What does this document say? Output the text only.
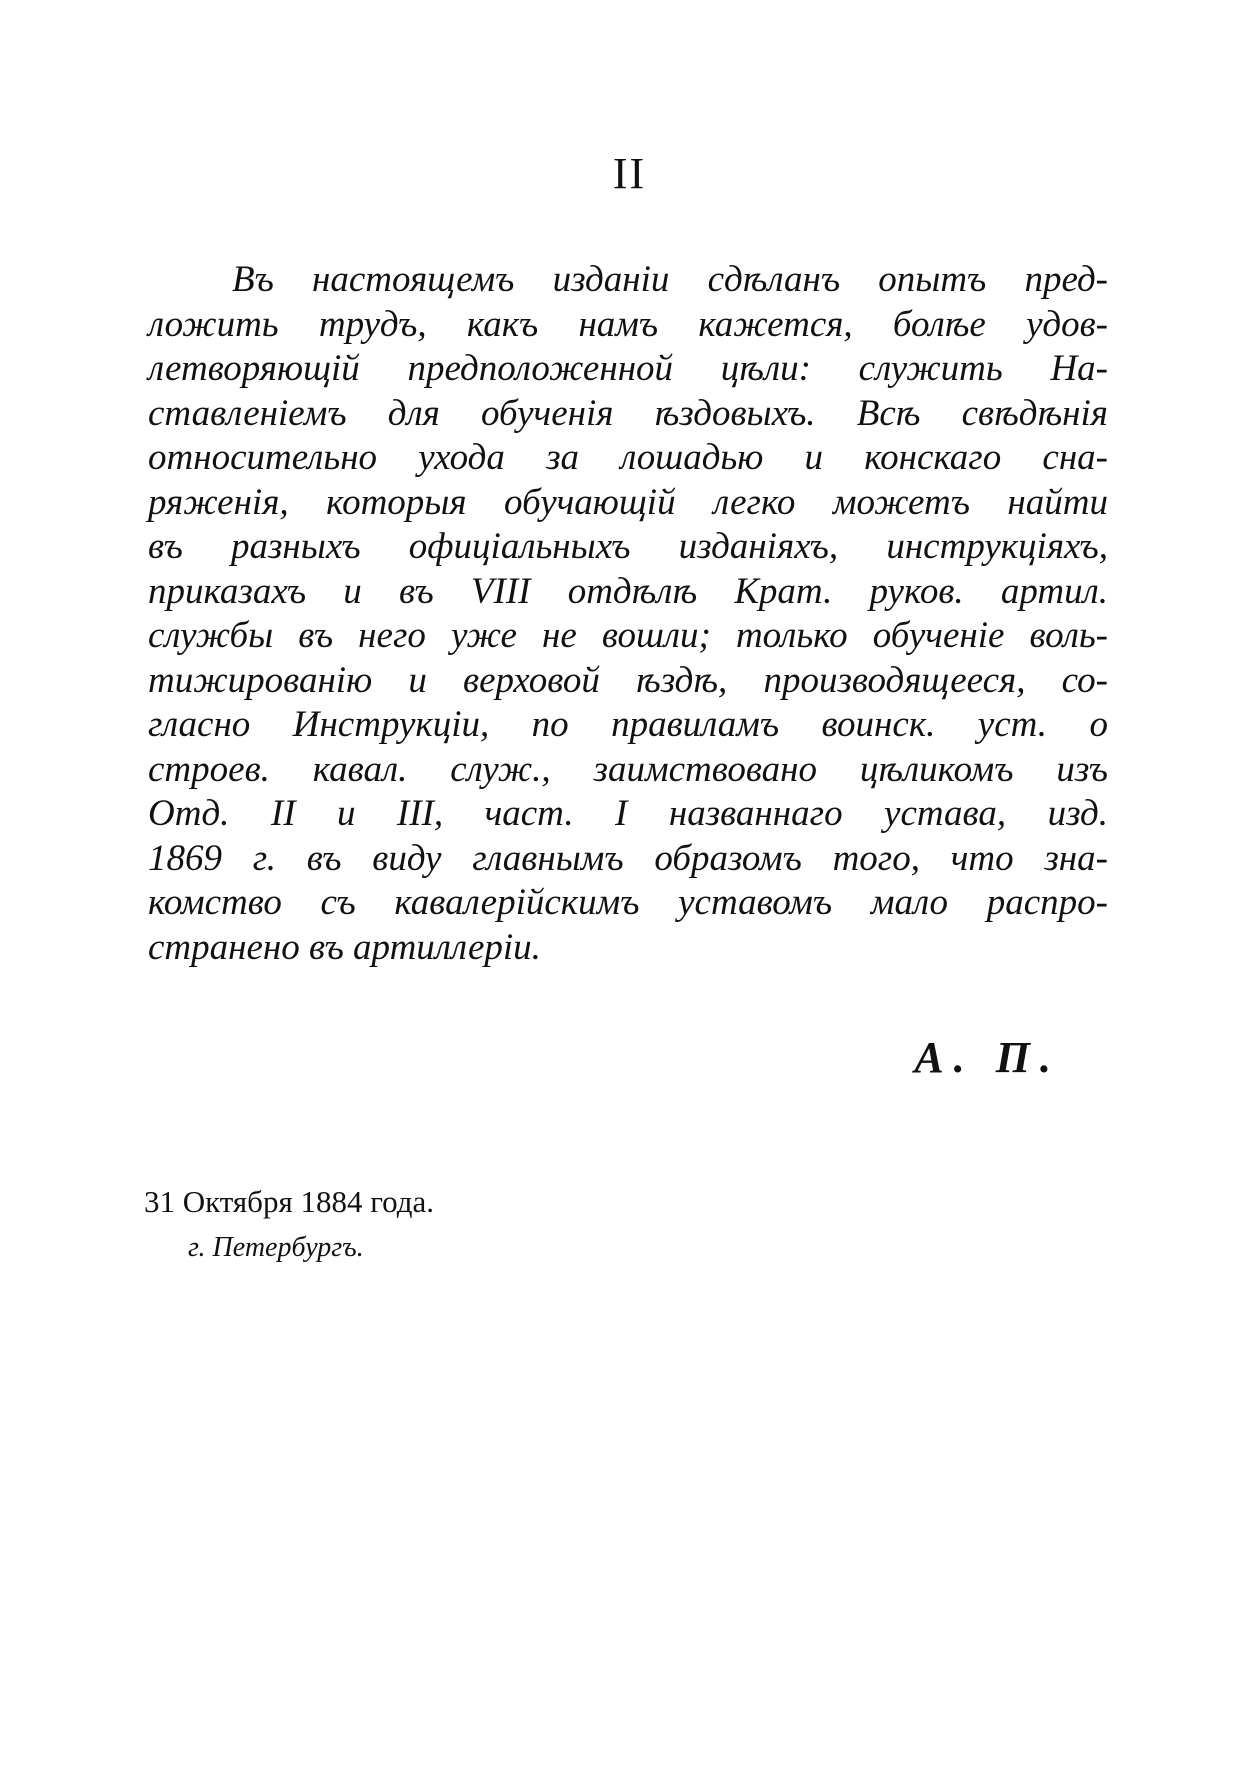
II
Въ настоящемъ изданіи сдѣланъ опытъ пред-
ложить трудъ, какъ намъ кажется, болѣе удов-
летворяющій предположенной цѣли: служить На-
ставленіемъ для обученія ѣздовыхъ. Всѣ свѣдѣнія
относительно ухода за лошадью и конскаго сна-
ряженія, которыя обучающій легко можетъ найти
въ разныхъ офиціальныхъ изданіяхъ, инструкціяхъ,
приказахъ и въ VIII отдѣлѣ Крат. руков. артил.
службы въ него уже не вошли; только обученіе воль-
тижированію и верховой ѣздѣ, производящееся, со-
гласно Инструкціи, по правиламъ воинск. уст. о
строев. кавал. служ., заимствовано цѣликомъ изъ
Отд. II и III, част. I названнаго устава, изд.
1869 г. въ виду главнымъ образомъ того, что зна-
комство съ кавалерійскимъ уставомъ мало распро-
странено въ артиллеріи.
А. П.
31 Октября 1884 года.
г. Петербургъ.
